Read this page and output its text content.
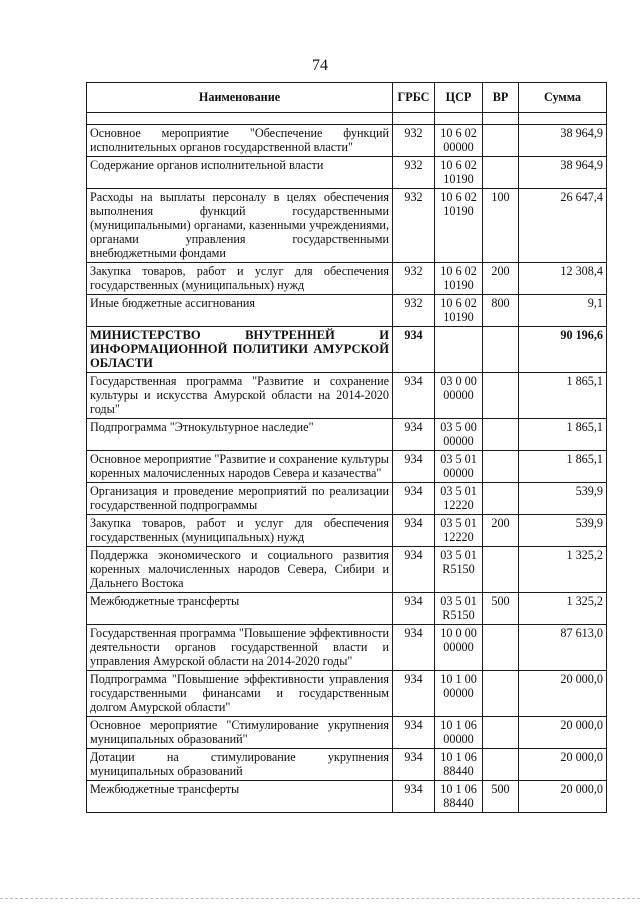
74
Наименование	ГРБС	ЦСР	ВР	Сумма

Основное мероприятие "Обеспечение функций исполнительных органов государственной власти"	932	10 6 02 00000		38 964,9
Содержание органов исполнительной власти	932	10 6 02 10190		38 964,9
Расходы на выплаты персоналу в целях обеспечения выполнения функций государственными (муниципальными) органами, казенными учреждениями, органами управления государственными внебюджетными фондами	932	10 6 02 10190	100	26 647,4
Закупка товаров, работ и услуг для обеспечения государственных (муниципальных) нужд	932	10 6 02 10190	200	12 308,4
Иные бюджетные ассигнования	932	10 6 02 10190	800	9,1
МИНИСТЕРСТВО ВНУТРЕННЕЙ И ИНФОРМАЦИОННОЙ ПОЛИТИКИ АМУРСКОЙ ОБЛАСТИ	934			90 196,6
Государственная программа "Развитие и сохранение культуры и искусства Амурской области на 2014-2020 годы"	934	03 0 00 00000		1 865,1
Подпрограмма "Этнокультурное наследие"	934	03 5 00 00000		1 865,1
Основное мероприятие "Развитие и сохранение культуры коренных малочисленных народов Севера и казачества"	934	03 5 01 00000		1 865,1
Организация и проведение мероприятий по реализации государственной подпрограммы	934	03 5 01 12220		539,9
Закупка товаров, работ и услуг для обеспечения государственных (муниципальных) нужд	934	03 5 01 12220	200	539,9
Поддержка экономического и социального развития коренных малочисленных народов Севера, Сибири и Дальнего Востока	934	03 5 01 R5150		1 325,2
Межбюджетные трансферты	934	03 5 01 R5150	500	1 325,2
Государственная программа "Повышение эффективности деятельности органов государственной власти и управления Амурской области на 2014-2020 годы"	934	10 0 00 00000		87 613,0
Подпрограмма "Повышение эффективности управления государственными финансами и государственным долгом Амурской области"	934	10 1 00 00000		20 000,0
Основное мероприятие "Стимулирование укрупнения муниципальных образований"	934	10 1 06 00000		20 000,0
Дотации на стимулирование укрупнения муниципальных образований	934	10 1 06 88440		20 000,0
Межбюджетные трансферты	934	10 1 06 88440	500	20 000,0
